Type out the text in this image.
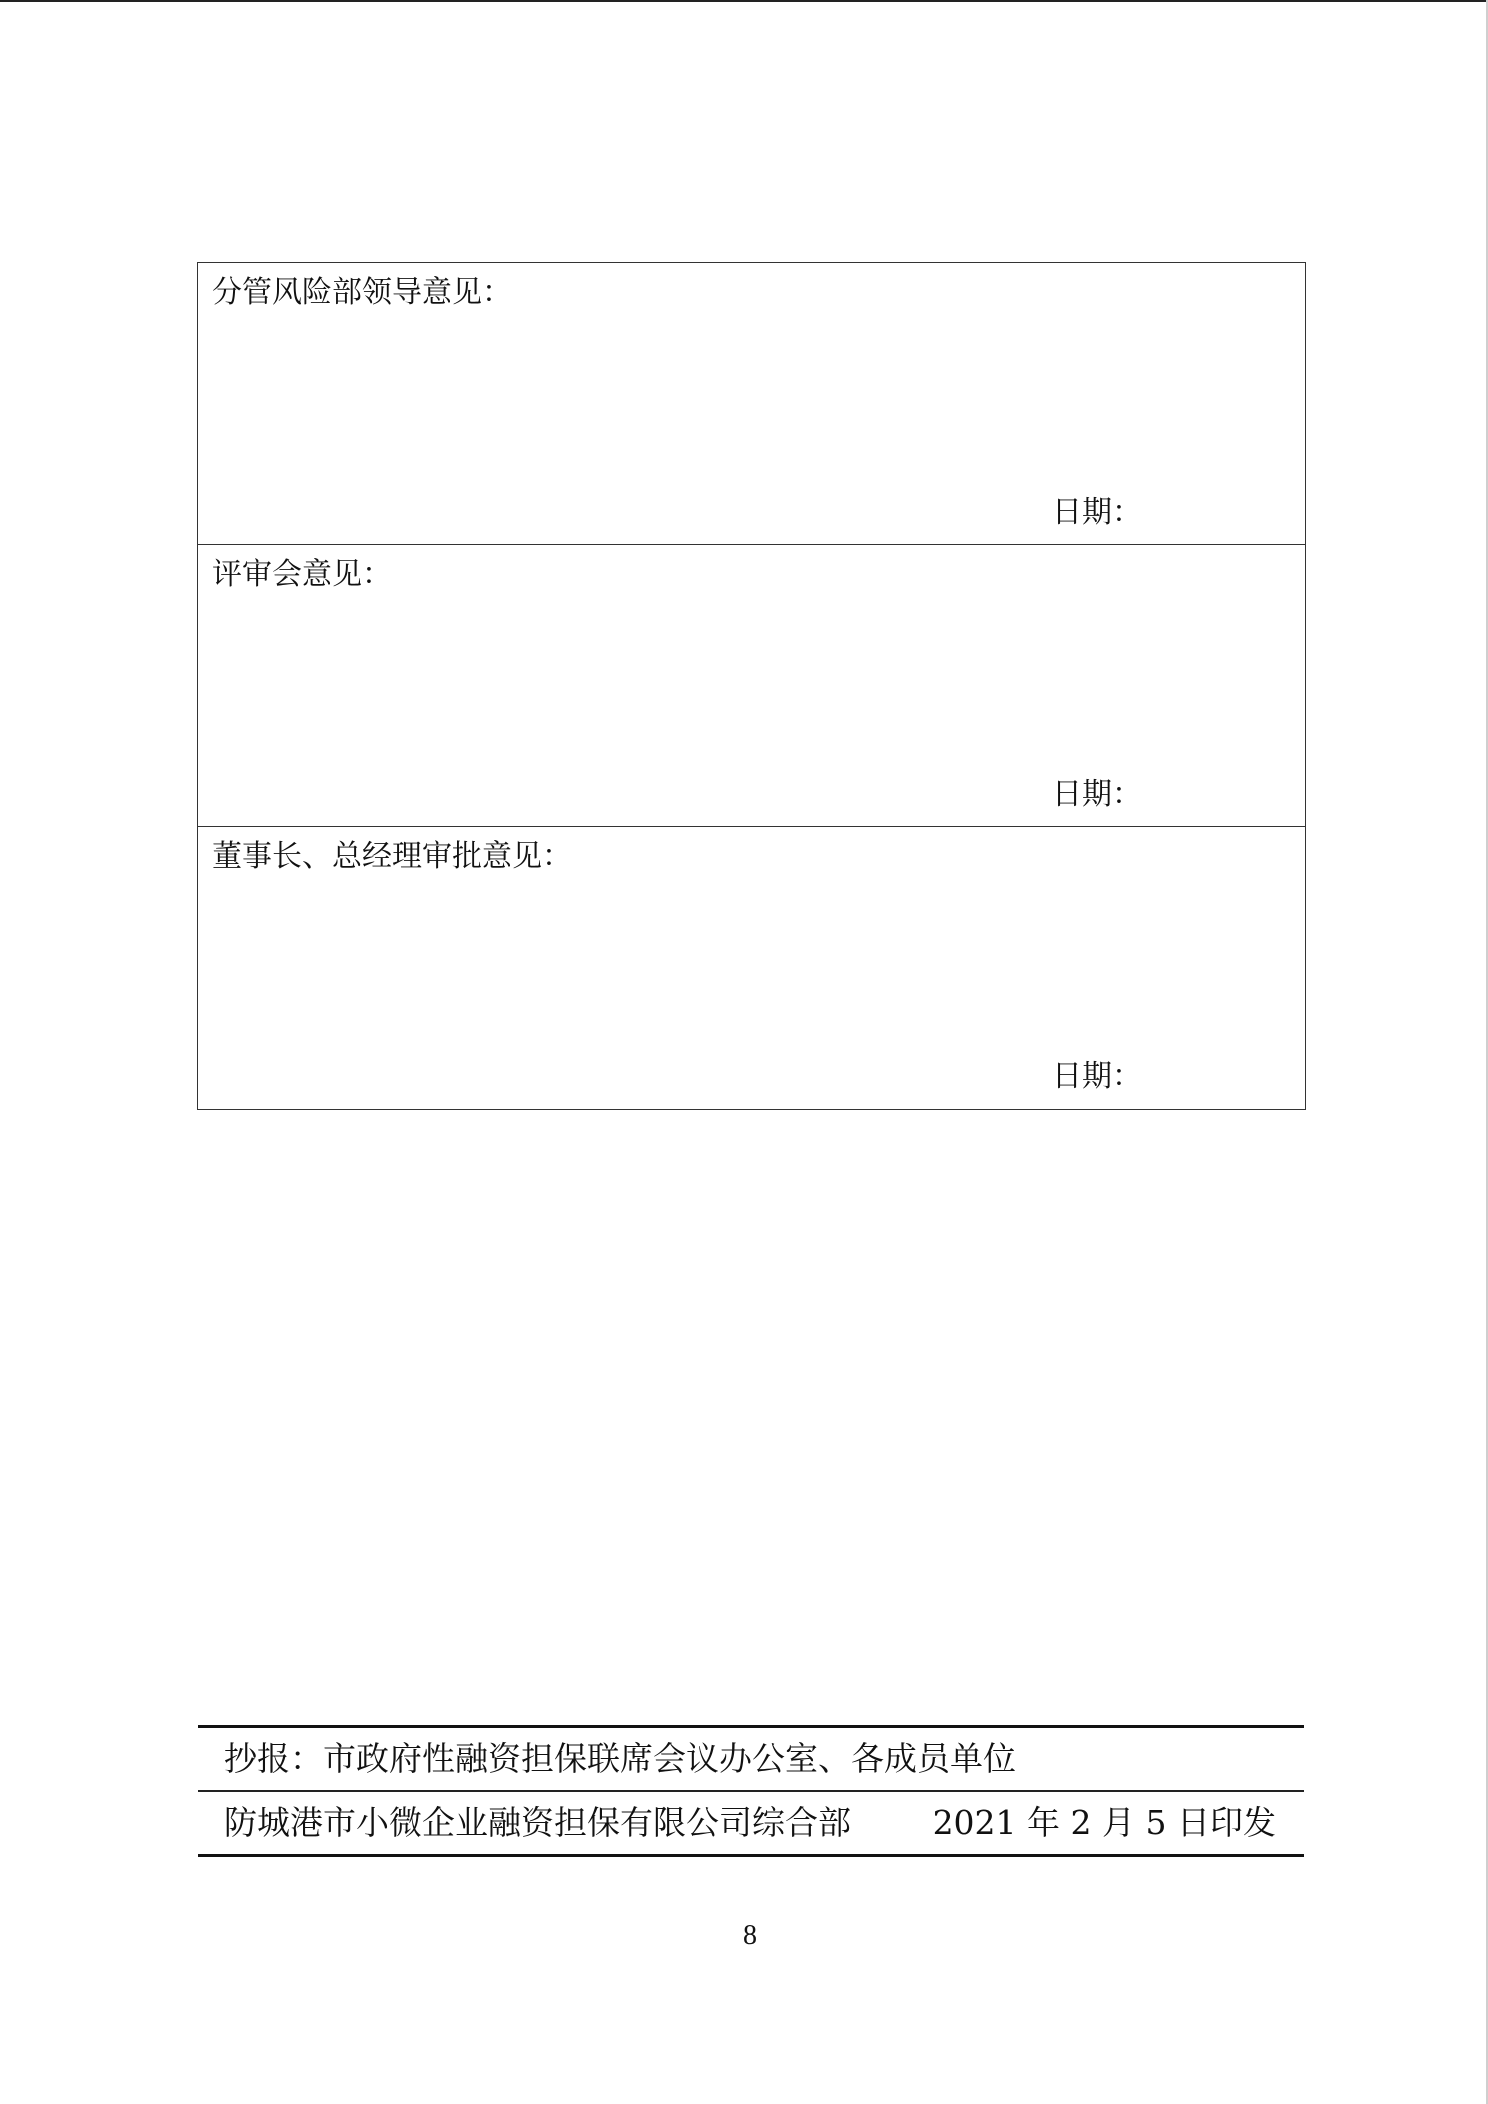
分管风险部领导意见：
日期：
评审会意见：
日期：
董事长、总经理审批意见：
日期：
抄报：市政府性融资担保联席会议办公室、各成员单位
防城港市小微企业融资担保有限公司综合部 2021 年 2 月 5 日印发
8
